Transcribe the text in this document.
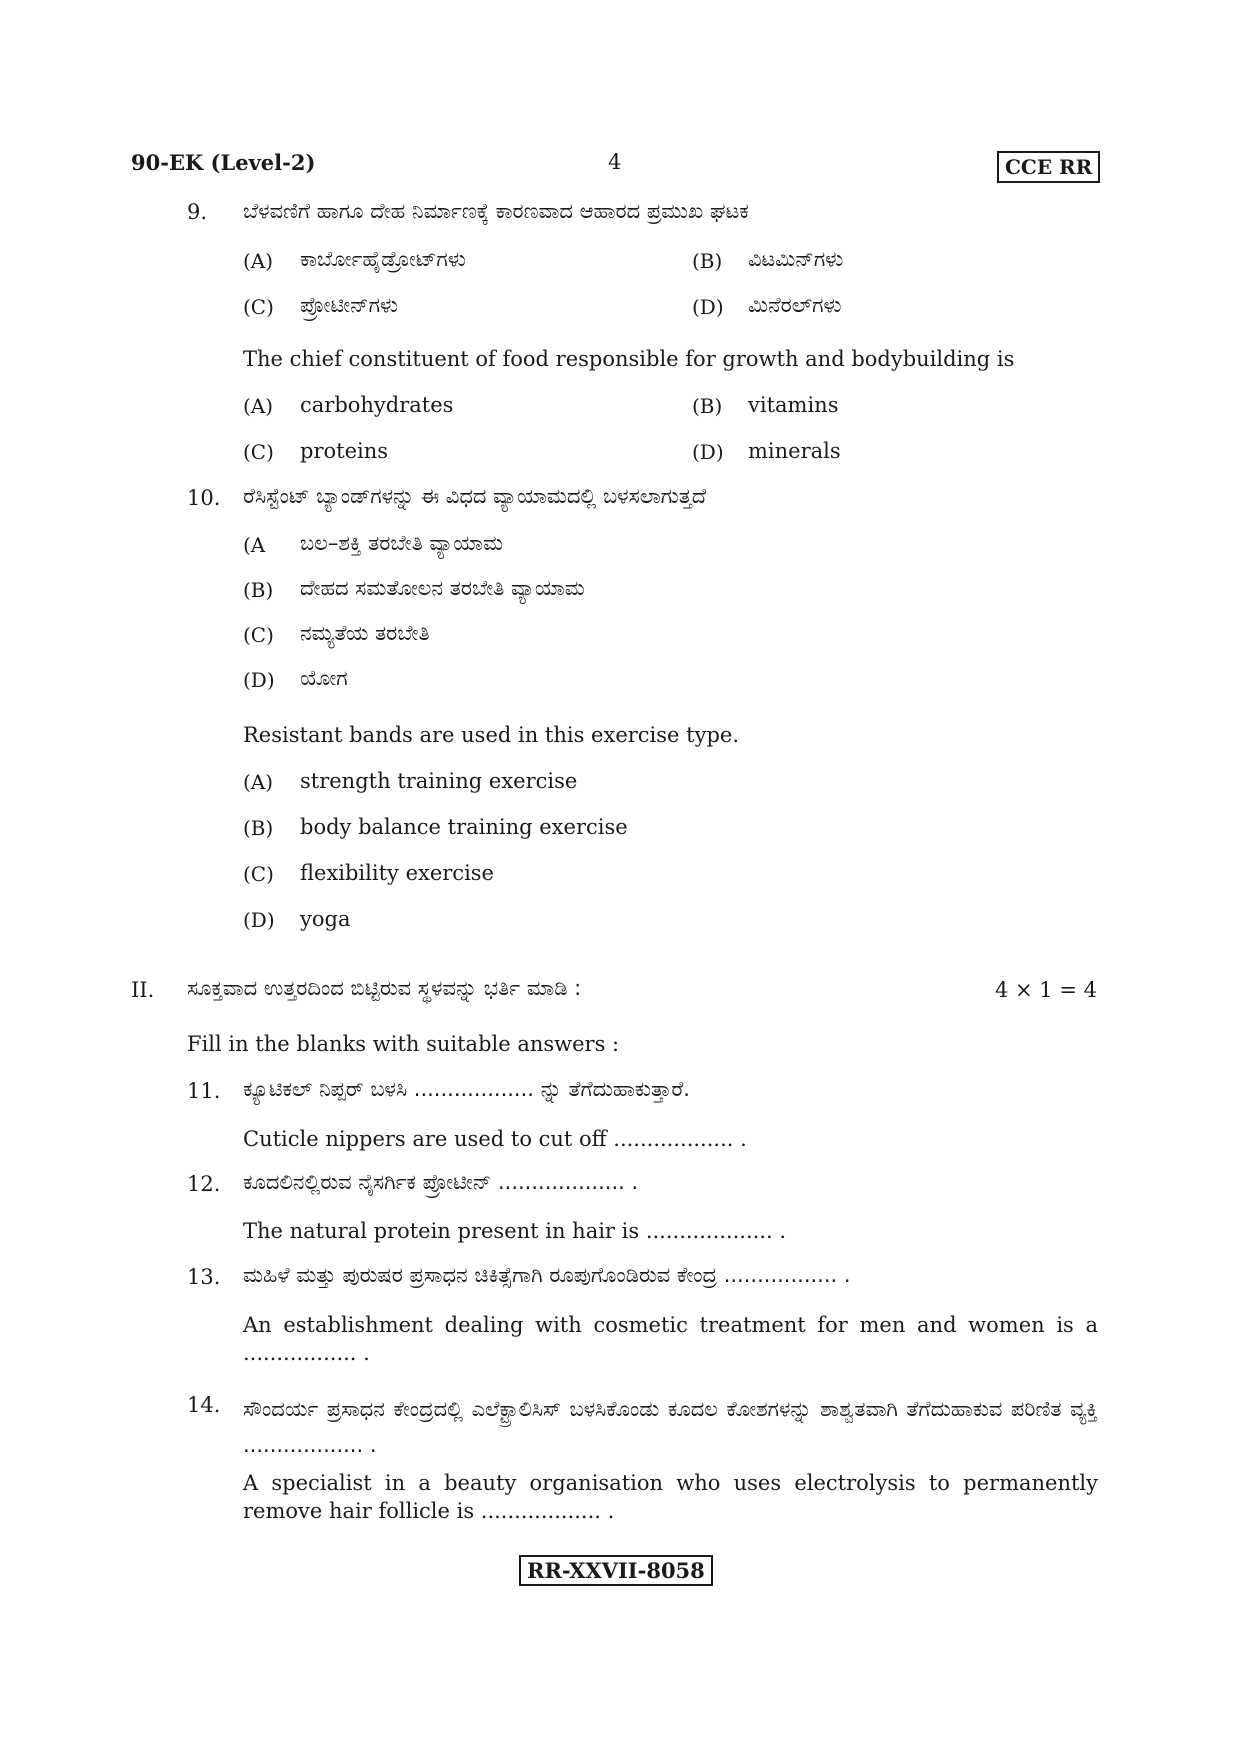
90-EK (Level-2)	4	CCE RR
9. ಬೆಳವಣಿಗೆ ಹಾಗೂ ದೇಹ ನಿರ್ಮಾಣಕ್ಕೆ ಕಾರಣವಾದ ಆಹಾರದ ಪ್ರಮುಖ ಘಟಕ
(A) ಕಾರ್ಬೋಹೈಡ್ರೋಟ್‌ಗಳು	(B) ವಿಟಮಿನ್‌ಗಳು
(C) ಪ್ರೋಟೀನ್‌ಗಳು	(D) ಮಿನೆರಲ್‌ಗಳು
The chief constituent of food responsible for growth and bodybuilding is
(A) carbohydrates	(B) vitamins
(C) proteins	(D) minerals
10. ರೆಸಿಸ್ಟೆಂಟ್ ಬ್ಯಾಂಡ್‌ಗಳನ್ನು ಈ ವಿಧದ ವ್ಯಾಯಾಮದಲ್ಲಿ ಬಳಸಲಾಗುತ್ತದೆ
(A ಬಲ–ಶಕ್ತಿ ತರಬೇತಿ ವ್ಯಾಯಾಮ
(B) ದೇಹದ ಸಮತೋಲನ ತರಬೇತಿ ವ್ಯಾಯಾಮ
(C) ನಮ್ಯತೆಯ ತರಬೇತಿ
(D) ಯೋಗ
Resistant bands are used in this exercise type.
(A) strength training exercise
(B) body balance training exercise
(C) flexibility exercise
(D) yoga
II. ಸೂಕ್ತವಾದ ಉತ್ತರದಿಂದ ಬಿಟ್ಟಿರುವ ಸ್ಥಳವನ್ನು ಭರ್ತಿ ಮಾಡಿ :	4 × 1 = 4
Fill in the blanks with suitable answers :
11. ಕ್ಯೂಟಿಕಲ್ ನಿಪ್ಪರ್ ಬಳಸಿ .................. ನ್ನು ತೆಗೆದುಹಾಕುತ್ತಾರೆ.
Cuticle nippers are used to cut off .................. .
12. ಕೂದಲಿನಲ್ಲಿರುವ ನೈಸರ್ಗಿಕ ಪ್ರೋಟೀನ್ ................... .
The natural protein present in hair is ................... .
13. ಮಹಿಳೆ ಮತ್ತು ಪುರುಷರ ಪ್ರಸಾಧನ ಚಿಕಿತ್ಸೆಗಾಗಿ ರೂಪುಗೊಂಡಿರುವ ಕೇಂದ್ರ ................. .
An establishment dealing with cosmetic treatment for men and women is a ................. .
14. ಸೌಂದರ್ಯ ಪ್ರಸಾಧನ ಕೇಂದ್ರದಲ್ಲಿ ಎಲೆಕ್ಟ್ರಾಲಿಸಿಸ್ ಬಳಸಿಕೊಂಡು ಕೂದಲ ಕೋಶಗಳನ್ನು ಶಾಶ್ವತವಾಗಿ ತೆಗೆದುಹಾಕುವ ಪರಿಣಿತ ವ್ಯಕ್ತಿ .................. .
A specialist in a beauty organisation who uses electrolysis to permanently remove hair follicle is .................. .
RR-XXVII-8058
